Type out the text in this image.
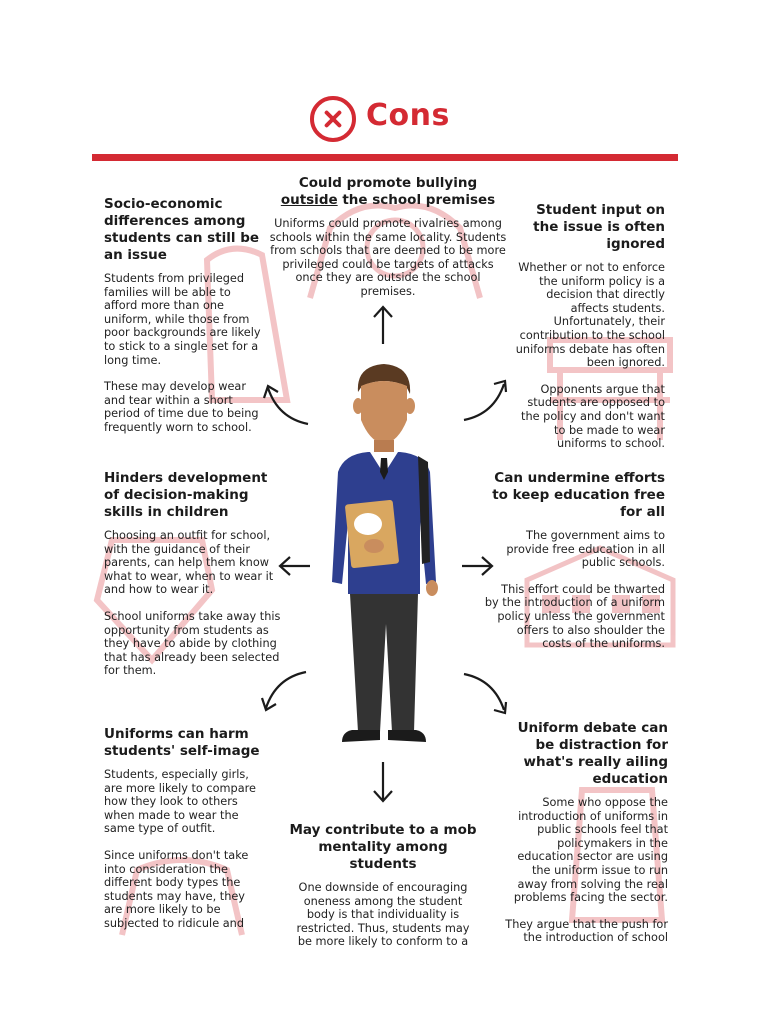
Cons
Could promote bullying
outside the school premises

Uniforms could promote rivalries among schools within the same locality. Students from schools that are deemed to be more privileged could be targets of attacks once they are outside the school premises.

Socio-economic differences among students can still be an issue

Students from privileged families will be able to afford more than one uniform, while those from poor backgrounds are likely to stick to a single set for a long time.

These may develop wear and tear within a short period of time due to being frequently worn to school.

Student input on the issue is often ignored

Whether or not to enforce the uniform policy is a decision that directly affects students. Unfortunately, their contribution to the school uniforms debate has often been ignored.

Opponents argue that students are opposed to the policy and don't want to be made to wear uniforms to school.

Hinders development of decision-making skills in children

Choosing an outfit for school, with the guidance of their parents, can help them know what to wear, when to wear it and how to wear it.

School uniforms take away this opportunity from students as they have to abide by clothing that has already been selected for them.

Can undermine efforts to keep education free for all

The government aims to provide free education in all public schools.

This effort could be thwarted by the introduction of a uniform policy unless the government offers to also shoulder the costs of the uniforms.

Uniforms can harm students' self-image

Students, especially girls, are more likely to compare how they look to others when made to wear the same type of outfit.

Since uniforms don't take into consideration the different body types the students may have, they are more likely to be subjected to ridicule and

May contribute to a mob mentality among students

One downside of encouraging oneness among the student body is that individuality is restricted. Thus, students may be more likely to conform to a

Uniform debate can be distraction for what's really ailing education

Some who oppose the introduction of uniforms in public schools feel that policymakers in the education sector are using the uniform issue to run away from solving the real problems facing the sector.

They argue that the push for the introduction of school
